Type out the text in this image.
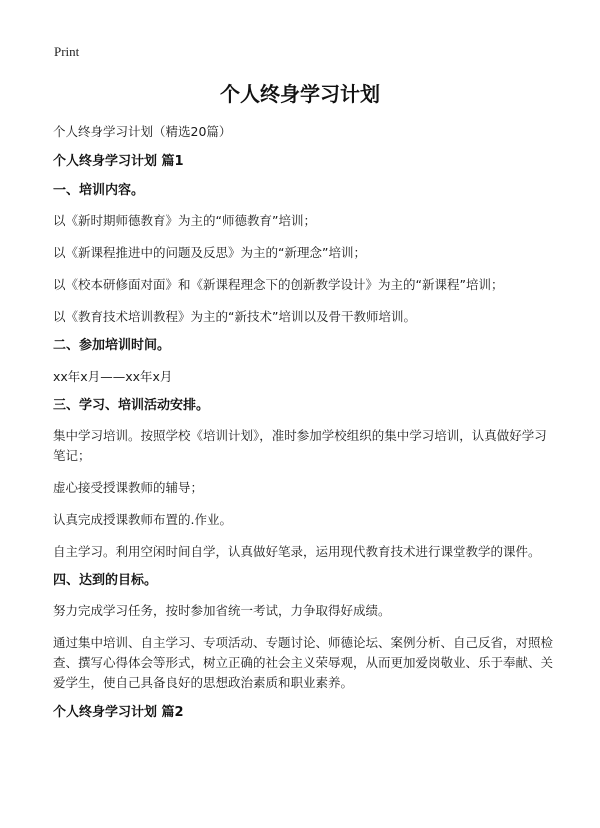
Print
个人终身学习计划

个人终身学习计划（精选20篇）

个人终身学习计划 篇1

一、培训内容。

以《新时期师德教育》为主的“师德教育”培训；

以《新课程推进中的问题及反思》为主的“新理念”培训；

以《校本研修面对面》和《新课程理念下的创新教学设计》为主的“新课程”培训；

以《教育技术培训教程》为主的“新技术”培训以及骨干教师培训。

二、参加培训时间。

xx年x月——xx年x月

三、学习、培训活动安排。

集中学习培训。按照学校《培训计划》，准时参加学校组织的集中学习培训，认真做好学习笔记；

虚心接受授课教师的辅导；

认真完成授课教师布置的.作业。

自主学习。利用空闲时间自学，认真做好笔录，运用现代教育技术进行课堂教学的课件。

四、达到的目标。

努力完成学习任务，按时参加省统一考试，力争取得好成绩。

通过集中培训、自主学习、专项活动、专题讨论、师德论坛、案例分析、自己反省，对照检查、撰写心得体会等形式，树立正确的社会主义荣辱观，从而更加爱岗敬业、乐于奉献、关爱学生，使自己具备良好的思想政治素质和职业素养。

个人终身学习计划 篇2
